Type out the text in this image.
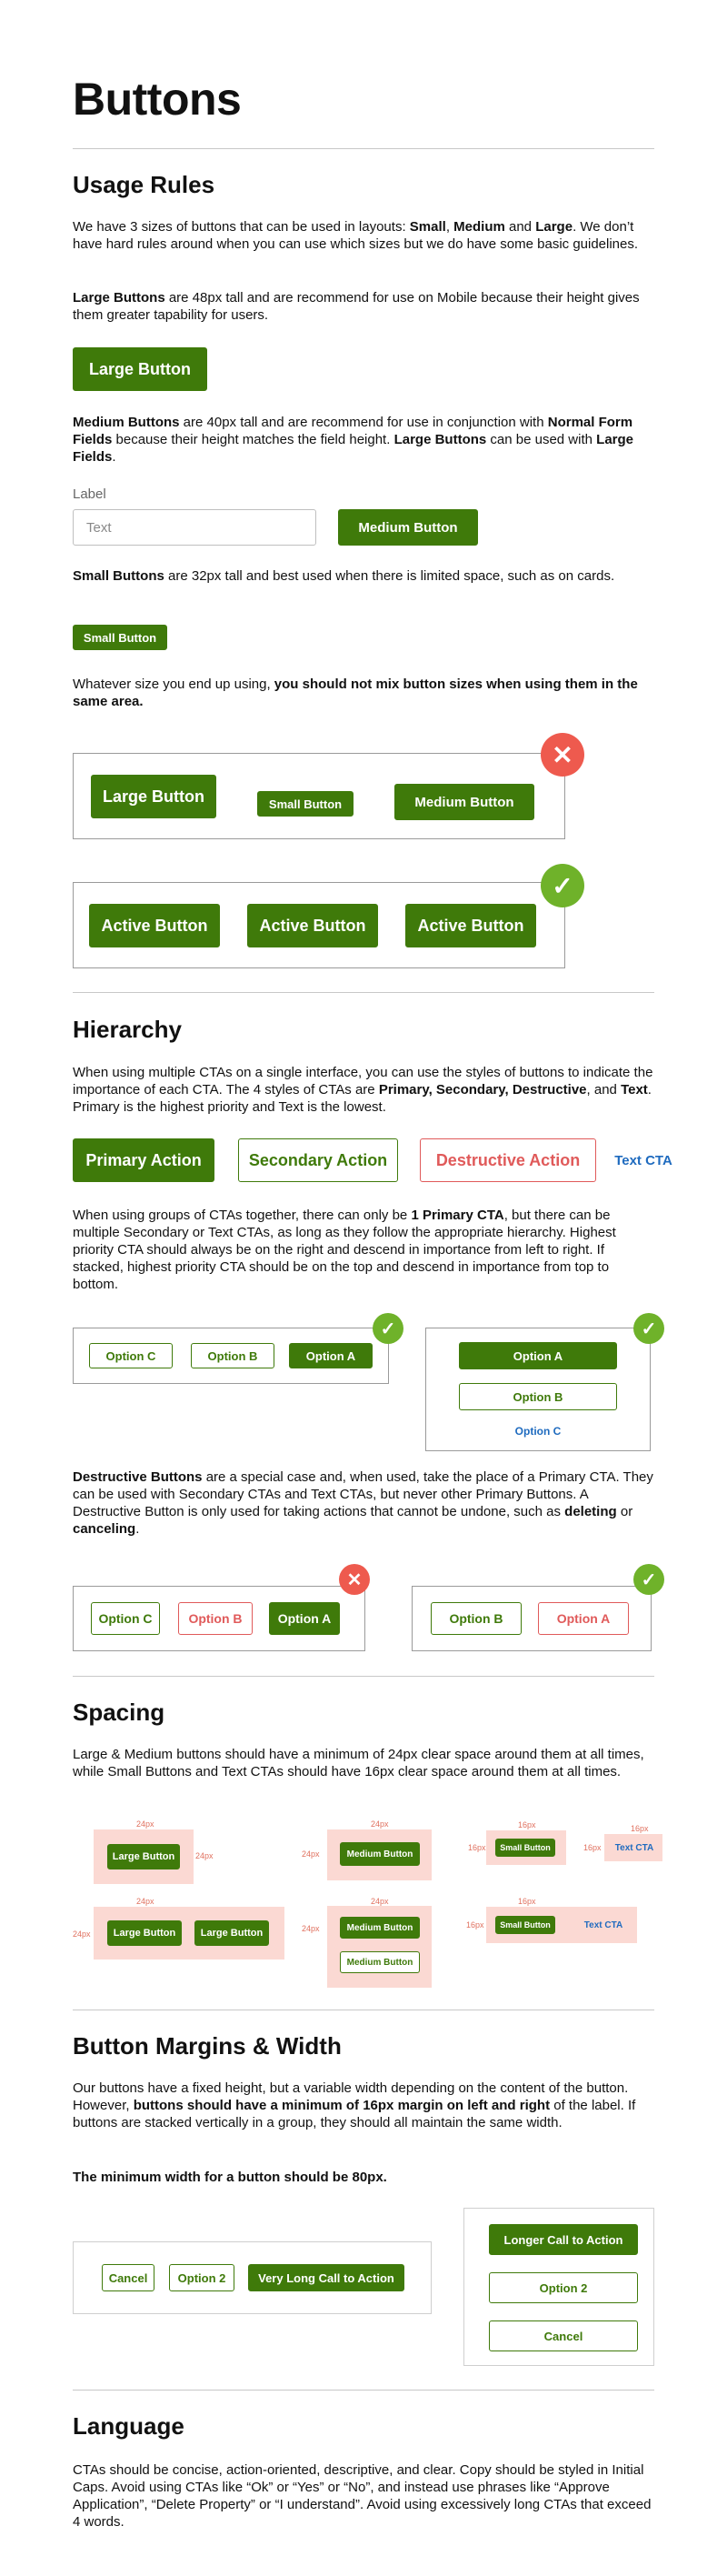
Buttons
Usage Rules
We have 3 sizes of buttons that can be used in layouts: Small, Medium and Large. We don’t have hard rules around when you can use which sizes but we do have some basic guidelines.
Large Buttons are 48px tall and are recommend for use on Mobile because their height gives them greater tapability for users.
Large Button
Medium Buttons are 40px tall and are recommend for use in conjunction with Normal Form Fields because their height matches the field height. Large Buttons can be used with Large Fields.
Label
Text	Medium Button
Small Buttons are 32px tall and best used when there is limited space, such as on cards.
Small Button
Whatever size you end up using, you should not mix button sizes when using them in the same area.
Large Button	Small Button	Medium Button
✕
Active Button	Active Button	Active Button
✓
Hierarchy
When using multiple CTAs on a single interface, you can use the styles of buttons to indicate the importance of each CTA. The 4 styles of CTAs are Primary, Secondary, Destructive, and Text. Primary is the highest priority and Text is the lowest.
Primary Action	Secondary Action	Destructive Action	Text CTA
When using groups of CTAs together, there can only be 1 Primary CTA, but there can be multiple Secondary or Text CTAs, as long as they follow the appropriate hierarchy. Highest priority CTA should always be on the right and descend in importance from left to right. If stacked, highest priority CTA should be on the top and descend in importance from top to bottom.
Option C	Option B	Option A
✓
Option A
Option B
Option C
✓
Destructive Buttons are a special case and, when used, take the place of a Primary CTA. They can be used with Secondary CTAs and Text CTAs, but never other Primary Buttons. A Destructive Button is only used for taking actions that cannot be undone, such as deleting or canceling.
Option C	Option B	Option A
✕
Option B	Option A
✓
Spacing
Large & Medium buttons should have a minimum of 24px clear space around them at all times, while Small Buttons and Text CTAs should have 16px clear space around them at all times.
Large Button
24px
24px	Medium Button
24px
24px
Small Button
16px
16px	Text CTA
16px
16px
Large Button	Large Button
24px
24px
Medium Button
Medium Button
24px
24px	Small Button	Text CTA
16px
16px
Button Margins & Width
Our buttons have a fixed height, but a variable width depending on the content of the button. However, buttons should have a minimum of 16px margin on left and right of the label. If buttons are stacked vertically in a group, they should all maintain the same width.
The minimum width for a button should be 80px.
Cancel	Option 2	Very Long Call to Action
Longer Call to Action
Option 2
Cancel
Language
CTAs should be concise, action-oriented, descriptive, and clear. Copy should be styled in Initial Caps. Avoid using CTAs like “Ok” or “Yes” or “No”, and instead use phrases like “Approve Application”, “Delete Property” or “I understand”. Avoid using excessively long CTAs that exceed 4 words.
